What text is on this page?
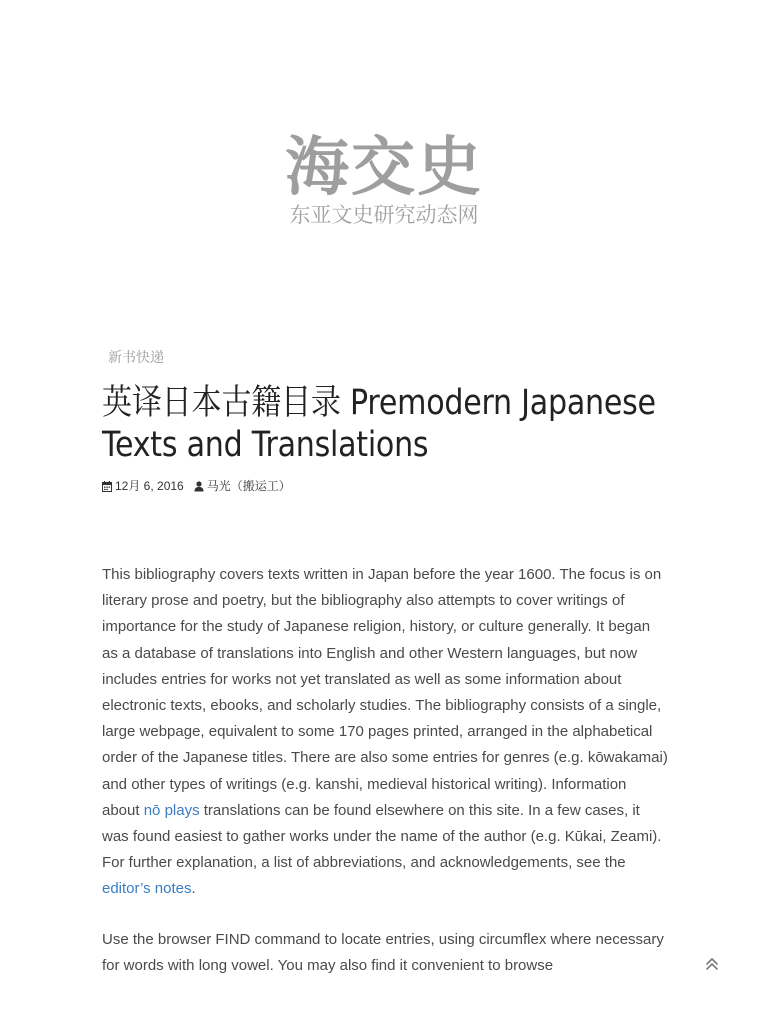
海交史
东亚文史研究动态网
新书快递
英译日本古籍目录 Premodern Japanese Texts and Translations
12月 6, 2016 马光（搬运工）

This bibliography covers texts written in Japan before the year 1600. The focus is on literary prose and poetry, but the bibliography also attempts to cover writings of importance for the study of Japanese religion, history, or culture generally. It began as a database of translations into English and other Western languages, but now includes entries for works not yet translated as well as some information about electronic texts, ebooks, and scholarly studies. The bibliography consists of a single, large webpage, equivalent to some 170 pages printed, arranged in the alphabetical order of the Japanese titles. There are also some entries for genres (e.g. kōwakamai) and other types of writings (e.g. kanshi, medieval historical writing). Information about nō plays translations can be found elsewhere on this site. In a few cases, it was found easiest to gather works under the name of the author (e.g. Kūkai, Zeami). For further explanation, a list of abbreviations, and acknowledgements, see the editor’s notes.

Use the browser FIND command to locate entries, using circumflex where necessary for words with long vowel. You may also find it convenient to browse
